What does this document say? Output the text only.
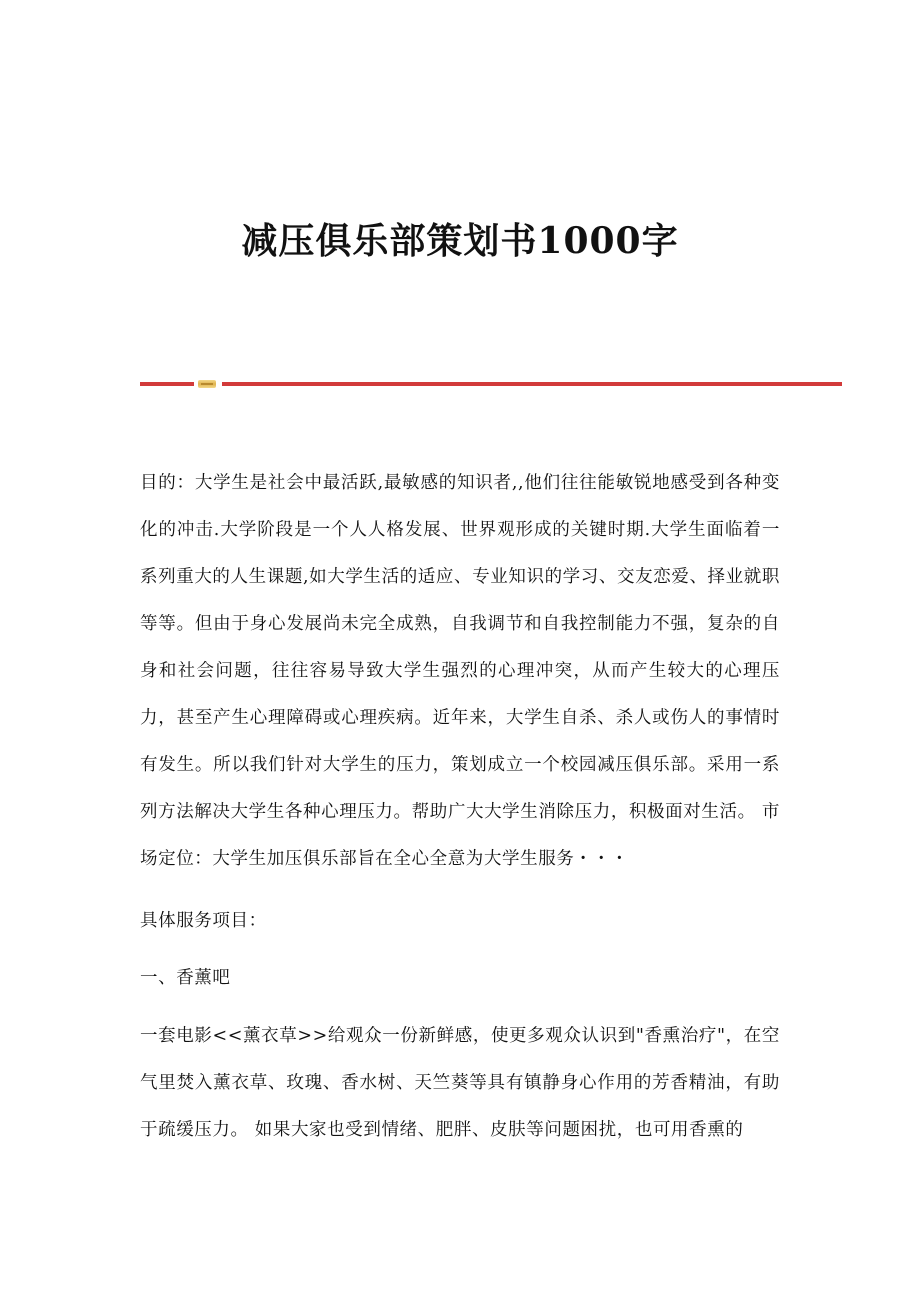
减压俱乐部策划书1000字

目的：大学生是社会中最活跃,最敏感的知识者,,他们往往能敏锐地感受到各种变化的冲击.大学阶段是一个人人格发展、世界观形成的关键时期.大学生面临着一系列重大的人生课题,如大学生活的适应、专业知识的学习、交友恋爱、择业就职等等。但由于身心发展尚未完全成熟，自我调节和自我控制能力不强，复杂的自身和社会问题，往往容易导致大学生强烈的心理冲突，从而产生较大的心理压力，甚至产生心理障碍或心理疾病。近年来，大学生自杀、杀人或伤人的事情时有发生。所以我们针对大学生的压力，策划成立一个校园减压俱乐部。采用一系列方法解决大学生各种心理压力。帮助广大大学生消除压力，积极面对生活。 市场定位：大学生加压俱乐部旨在全心全意为大学生服务・・・

具体服务项目：

一、香薰吧

一套电影<<薰衣草>>给观众一份新鲜感，使更多观众认识到"香熏治疗"，在空气里焚入薰衣草、玫瑰、香水树、天竺葵等具有镇静身心作用的芳香精油，有助于疏缓压力。 如果大家也受到情绪、肥胖、皮肤等问题困扰，也可用香熏的
